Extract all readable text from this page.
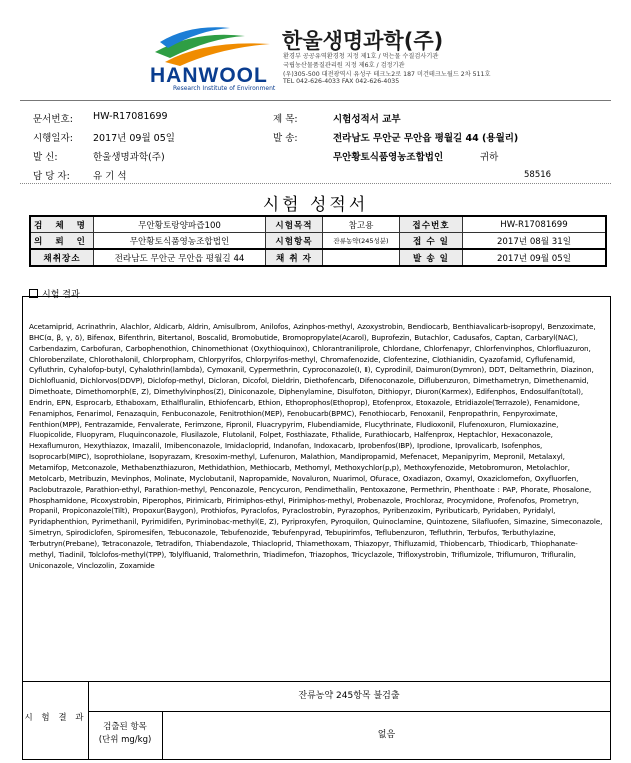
HANWOOL
Research Institute of Environment
한울생명과학(주)
환경부 공공유역환경청 지정 제1호 / 먹는물 수질검사기관
국립농산물품질관리원 지정 제6호 / 검정기관
(우)305-500 대전광역시 유성구 테크노2로 187 미건테크노월드 2차 511호
TEL 042-626-4033 FAX 042-626-4035
문서번호: HW-R17081699
시행일자: 2017년 09월 05일
발 신:	한울생명과학(주)
담 당 자: 유 기 석
제 목:	시험성적서 교부
발 송:	전라남도 무안군 무안읍 평월길 44 (용월리)
무안황토식품영농조합법인	귀하
58516
시험 성적서
검 체 명	무안황토랑양파즙100	시험목적	참고용	접수번호	HW-R17081699
의 뢰 인	무안황토식품영농조합법인	시험항목	잔류농약(245성분)	접 수 일	2017년 08월 31일
채취장소	전라남도 무안군 무안읍 평월길 44	채 취 자		발 송 일	2017년 09월 05일
시험 결과
Acetamiprid, Acrinathrin, Alachlor, Aldicarb, Aldrin, Amisulbrom, Anilofos, Azinphos-methyl, Azoxystrobin, Bendiocarb, Benthiavalicarb-isopropyl, Benzoximate, BHC(α, β, γ, δ), Bifenox, Bifenthrin, Bitertanol, Boscalid, Bromobutide, Bromopropylate(Acarol), Buprofezin, Butachlor, Cadusafos, Captan, Carbaryl(NAC), Carbendazim, Carbofuran, Carbophenothion, Chinomethionat (Oxythioquinox), Chlorantraniliprole, Chlordane, Chlorfenapyr, Chlorfenvinphos, Chlorfluazuron, Chlorobenzilate, Chlorothalonil, Chlorpropham, Chlorpyrifos, Chlorpyrifos-methyl, Chromafenozide, Clofentezine, Clothianidin, Cyazofamid, Cyflufenamid, Cyfluthrin, Cyhalofop-butyl, Cyhalothrin(lambda), Cymoxanil, Cypermethrin, Cyproconazole(Ⅰ, Ⅱ), Cyprodinil, Daimuron(Dymron), DDT, Deltamethrin, Diazinon, Dichlofluanid, Dichlorvos(DDVP), Diclofop-methyl, Dicloran, Dicofol, Dieldrin, Diethofencarb, Difenoconazole, Diflubenzuron, Dimethametryn, Dimethenamid, Dimethoate, Dimethomorph(E, Z), Dimethylvinphos(Z), Diniconazole, Diphenylamine, Disulfoton, Dithiopyr, Diuron(Karmex), Edifenphos, Endosulfan(total), Endrin, EPN, Esprocarb, Ethaboxam, Ethalfluralin, Ethiofencarb, Ethion, Ethoprophos(Ethoprop), Etofenprox, Etoxazole, Etridiazole(Terrazole), Fenamidone, Fenamiphos, Fenarimol, Fenazaquin, Fenbuconazole, Fenitrothion(MEP), Fenobucarb(BPMC), Fenothiocarb, Fenoxanil, Fenpropathrin, Fenpyroximate, Fenthion(MPP), Fentrazamide, Fenvalerate, Ferimzone, Fipronil, Fluacrypyrim, Flubendiamide, Flucythrinate, Fludioxonil, Flufenoxuron, Flumioxazine, Fluopicolide, Fluopyram, Fluquinconazole, Flusilazole, Flutolanil, Folpet, Fosthiazate, Fthalide, Furathiocarb, Halfenprox, Heptachlor, Hexaconazole, Hexaflumuron, Hexythiazox, Imazalil, Imibenconazole, Imidacloprid, Indanofan, Indoxacarb, Iprobenfos(IBP), Iprodione, Iprovalicarb, Isofenphos, Isoprocarb(MIPC), Isoprothiolane, Isopyrazam, Kresoxim-methyl, Lufenuron, Malathion, Mandipropamid, Mefenacet, Mepanipyrim, Mepronil, Metalaxyl, Metamifop, Metconazole, Methabenzthiazuron, Methidathion, Methiocarb, Methomyl, Methoxychlor(p,p), Methoxyfenozide, Metobromuron, Metolachlor, Metolcarb, Metribuzin, Mevinphos, Molinate, Myclobutanil, Napropamide, Novaluron, Nuarimol, Ofurace, Oxadiazon, Oxamyl, Oxaziclomefon, Oxyfluorfen, Paclobutrazole, Parathion-ethyl, Parathion-methyl, Penconazole, Pencycuron, Pendimethalin, Pentoxazone, Permethrin, Phenthoate : PAP, Phorate, Phosalone, Phosphamidone, Picoxystrobin, Piperophos, Pirimicarb, Pirimiphos-ethyl, Pirimiphos-methyl, Probenazole, Prochloraz, Procymidone, Profenofos, Prometryn, Propanil, Propiconazole(Tilt), Propoxur(Baygon), Prothiofos, Pyraclofos, Pyraclostrobin, Pyrazophos, Pyribenzoxim, Pyributicarb, Pyridaben, Pyridalyl, Pyridaphenthion, Pyrimethanil, Pyrimidifen, Pyriminobac-methyl(E, Z), Pyriproxyfen, Pyroquilon, Quinoclamine, Quintozene, Silafluofen, Simazine, Simeconazole, Simetryn, Spirodiclofen, Spiromesifen, Tebuconazole, Tebufenozide, Tebufenpyrad, Tebupirimfos, Teflubenzuron, Tefluthrin, Terbufos, Terbuthylazine, Terbutryn(Prebane), Tetraconazole, Tetradifon, Thiabendazole, Thiacloprid, Thiamethoxam, Thiazopyr, Thifluzamid, Thiobencarb, Thiodicarb, Thiophanate-methyl, Tiadinil, Tolclofos-methyl(TPP), Tolylfluanid, Tralomethrin, Triadimefon, Triazophos, Tricyclazole, Trifloxystrobin, Triflumizole, Triflumuron, Trifluralin, Uniconazole, Vinclozolin, Zoxamide
시 험 결 과
잔류농약 245항목 불검출
검출된 항목
(단위 mg/kg)	없음
